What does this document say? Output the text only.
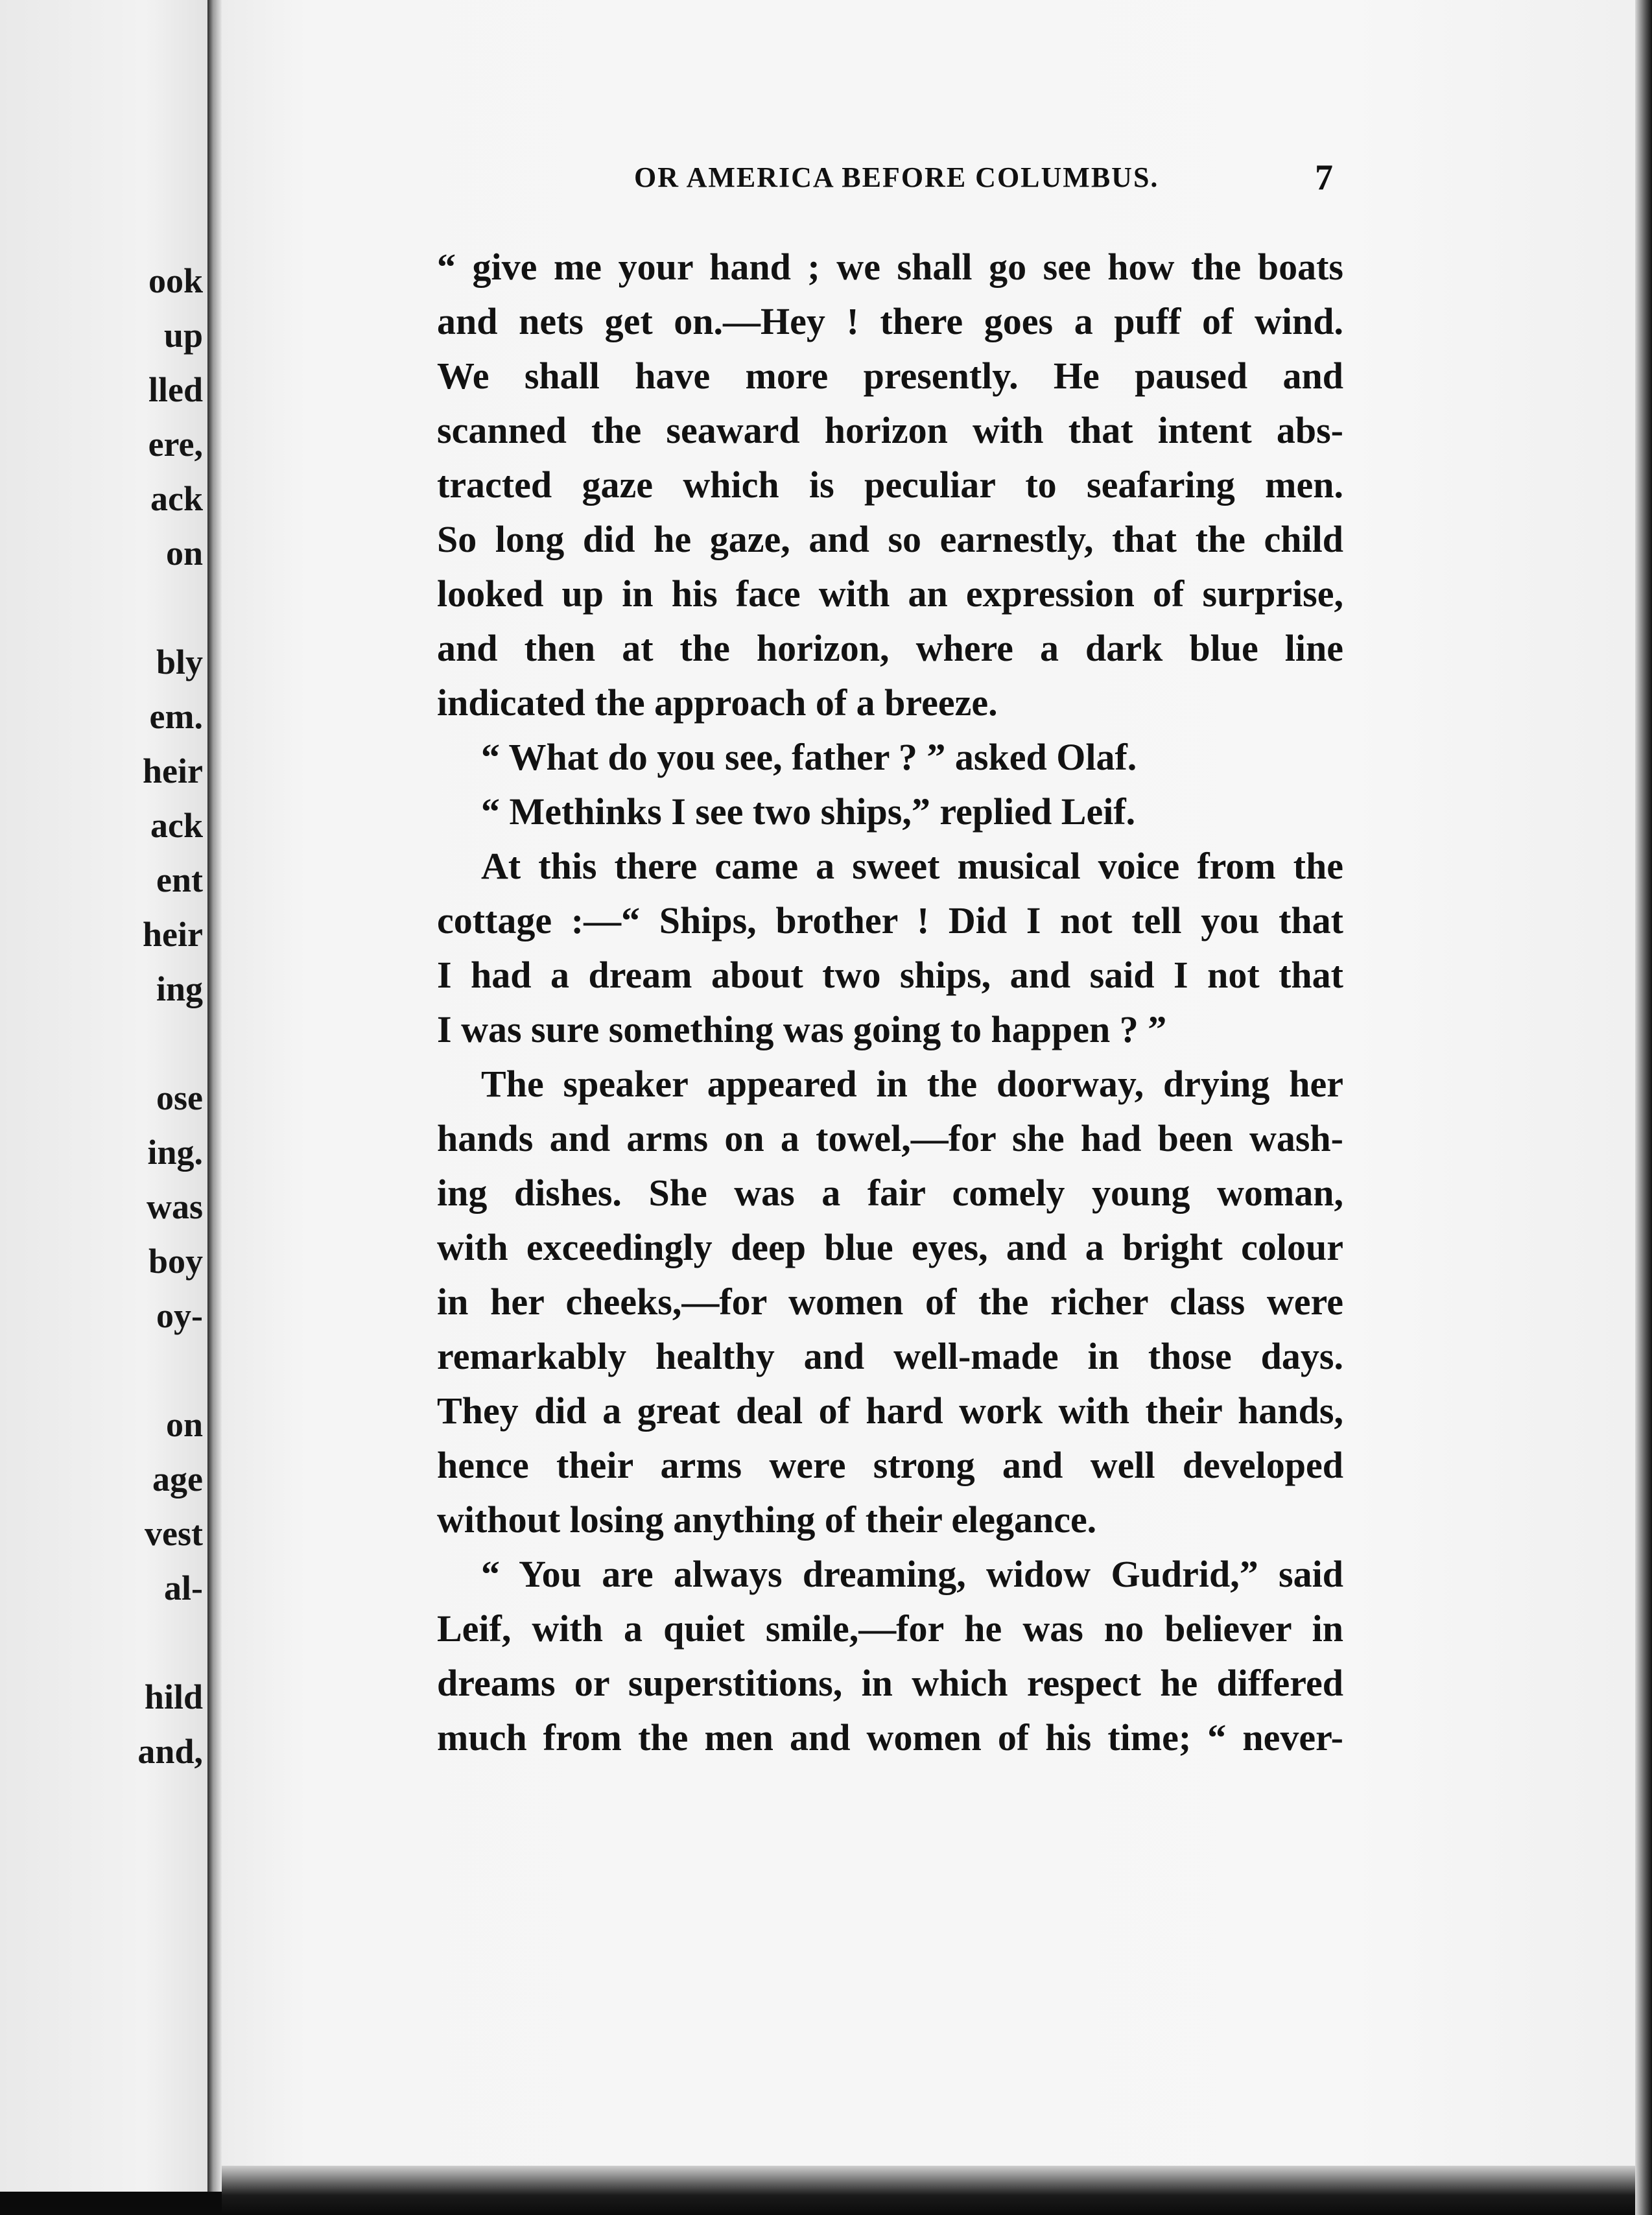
ook
up
lled
ere,
ack
on
bly
em.
heir
ack
ent
heir
ing
ose
ing.
was
boy
oy-
on
age
vest
al-
hild
and,
OR AMERICA BEFORE COLUMBUS.	7
“ give me your hand ; we shall go see how the boats
and nets get on.—Hey ! there goes a puff of wind.
We shall have more presently. He paused and
scanned the seaward horizon with that intent abs-
tracted gaze which is peculiar to seafaring men.
So long did he gaze, and so earnestly, that the child
looked up in his face with an expression of surprise,
and then at the horizon, where a dark blue line
indicated the approach of a breeze.
“ What do you see, father ? ” asked Olaf.
“ Methinks I see two ships,” replied Leif.
At this there came a sweet musical voice from the
cottage :—“ Ships, brother ! Did I not tell you that
I had a dream about two ships, and said I not that
I was sure something was going to happen ? ”
The speaker appeared in the doorway, drying her
hands and arms on a towel,—for she had been wash-
ing dishes. She was a fair comely young woman,
with exceedingly deep blue eyes, and a bright colour
in her cheeks,—for women of the richer class were
remarkably healthy and well-made in those days.
They did a great deal of hard work with their hands,
hence their arms were strong and well developed
without losing anything of their elegance.
“ You are always dreaming, widow Gudrid,” said
Leif, with a quiet smile,—for he was no believer in
dreams or superstitions, in which respect he differed
much from the men and women of his time; “ never-
